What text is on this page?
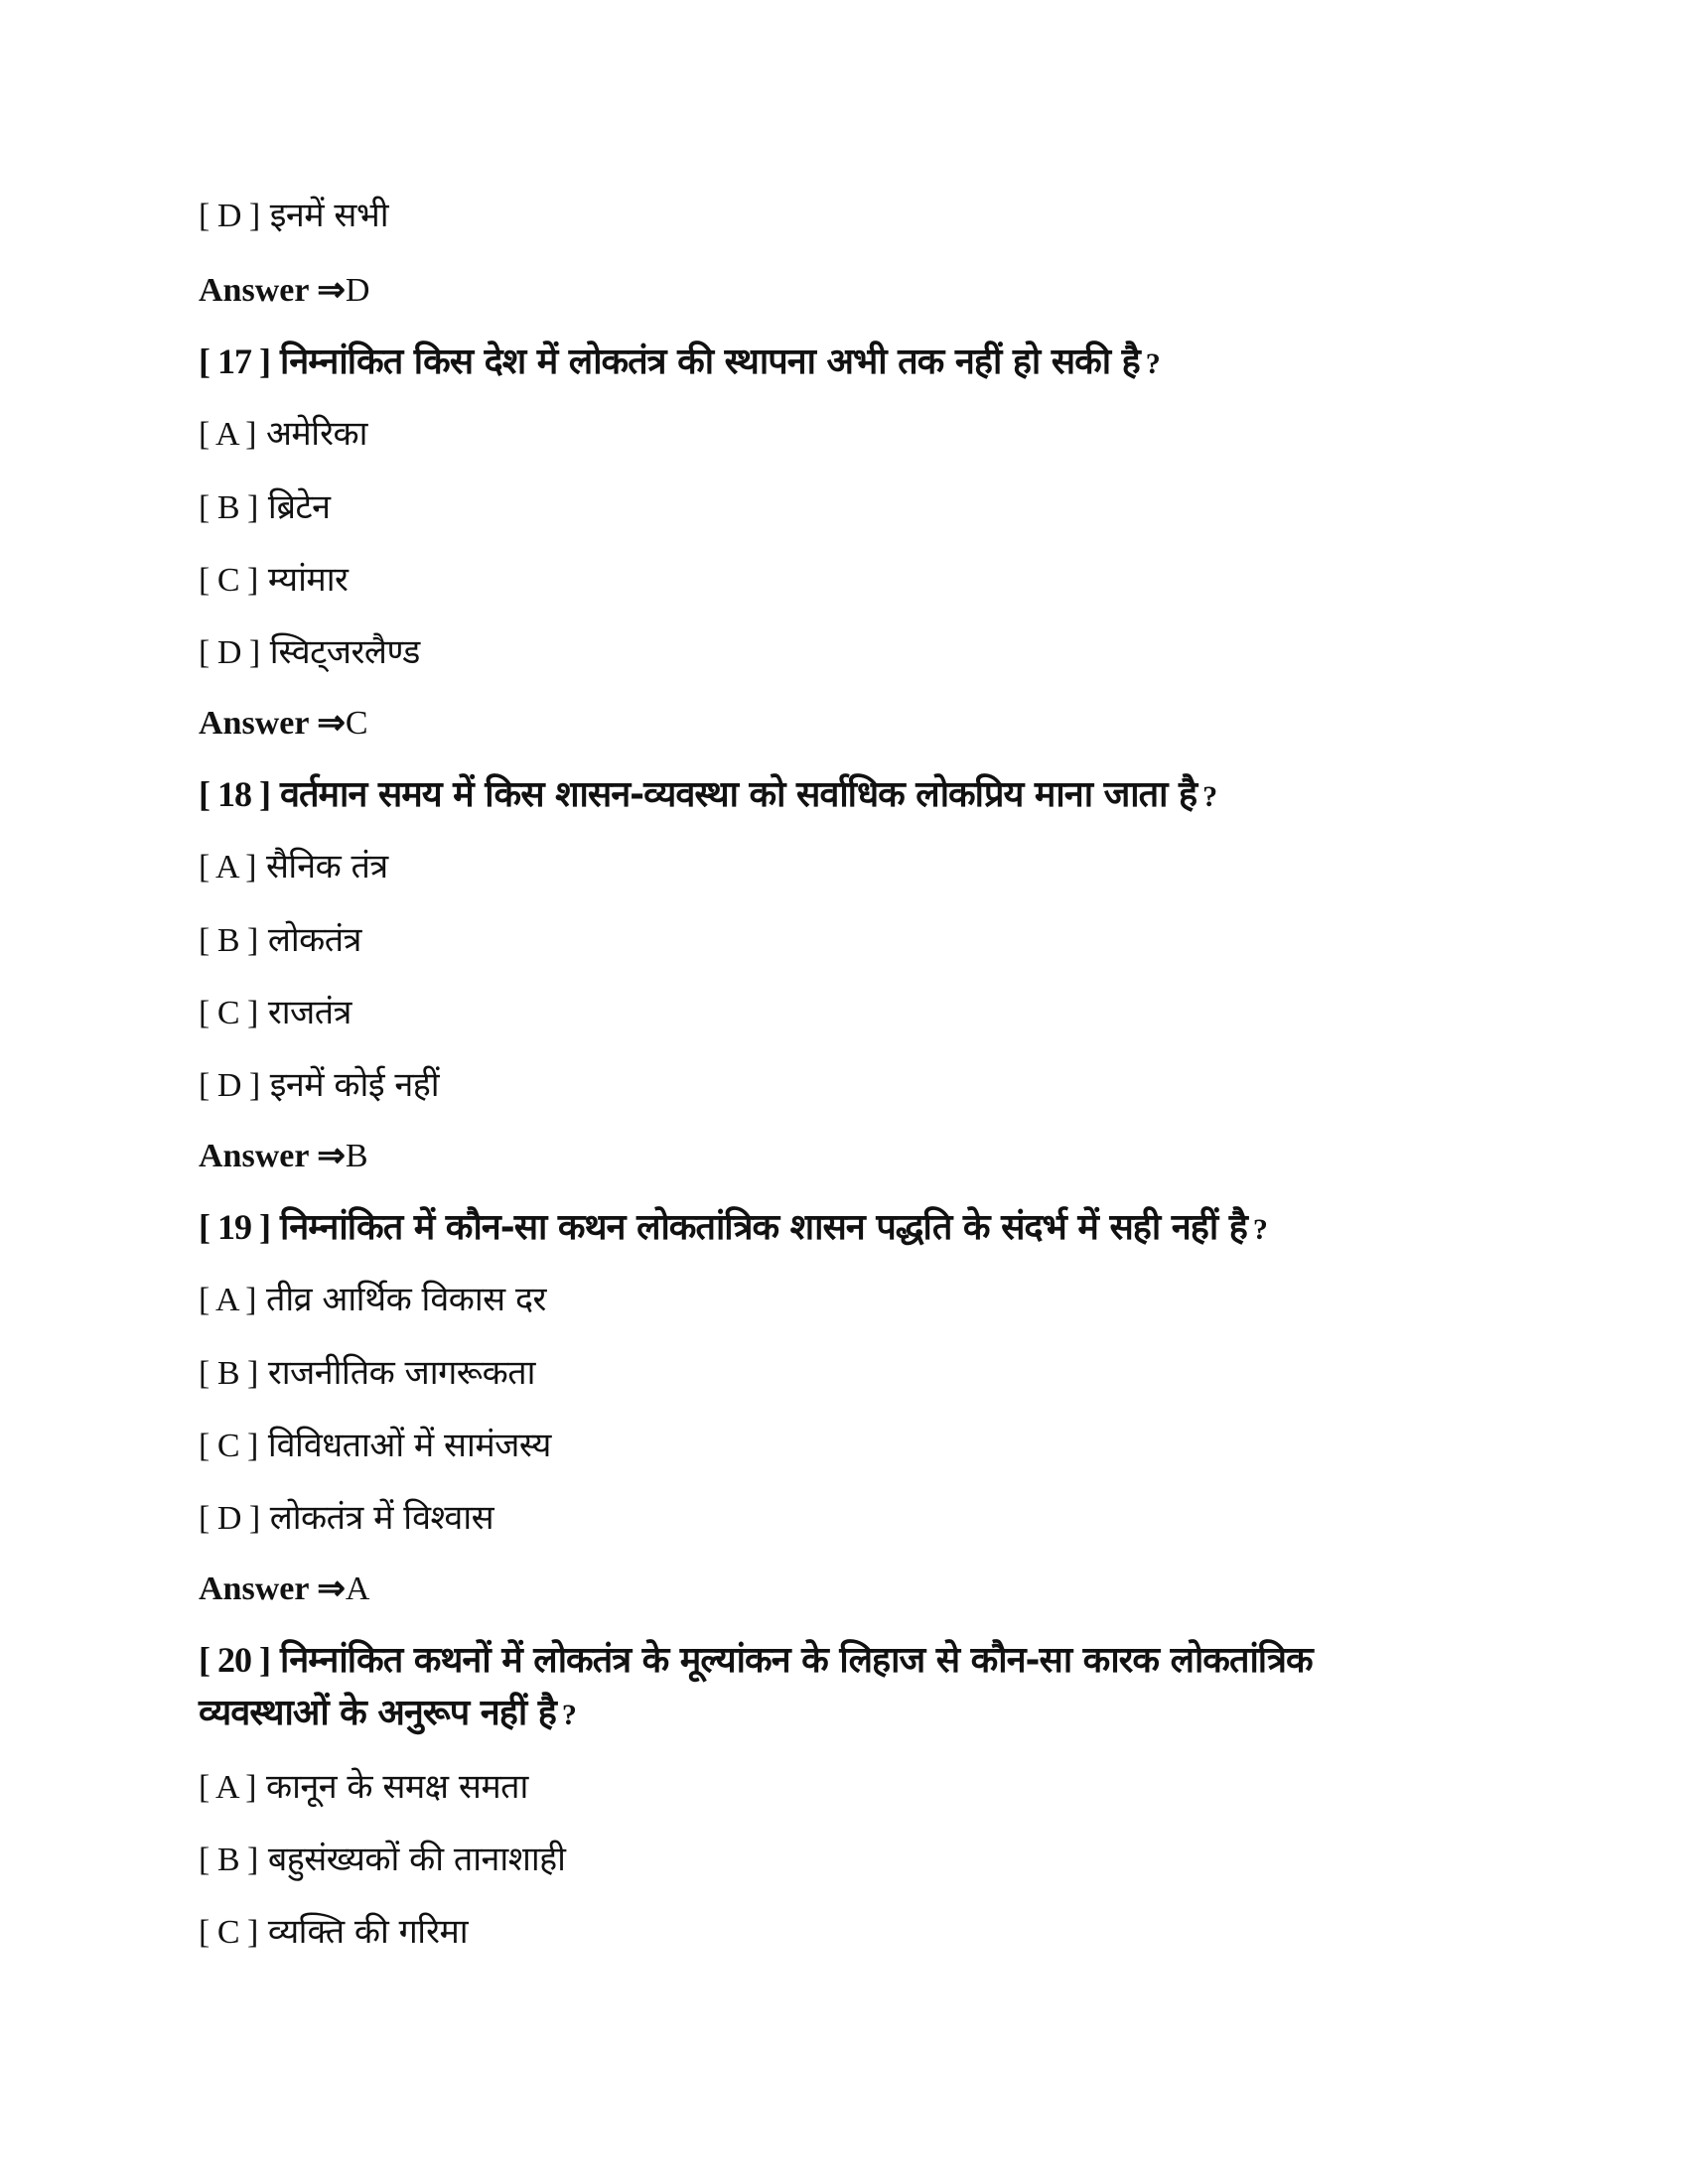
[ D ] इनमें सभी
Answer ⇒D
[ 17 ] निम्नांकित किस देश में लोकतंत्र की स्थापना अभी तक नहीं हो सकी है ?
[ A ] अमेरिका
[ B ] ब्रिटेन
[ C ] म्यांमार
[ D ] स्विट्जरलैण्ड
Answer ⇒C
[ 18 ] वर्तमान समय में किस शासन-व्यवस्था को सर्वाधिक लोकप्रिय माना जाता है ?
[ A ] सैनिक तंत्र
[ B ] लोकतंत्र
[ C ] राजतंत्र
[ D ] इनमें कोई नहीं
Answer ⇒B
[ 19 ] निम्नांकित में कौन-सा कथन लोकतांत्रिक शासन पद्धति के संदर्भ में सही नहीं है ?
[ A ] तीव्र आर्थिक विकास दर
[ B ] राजनीतिक जागरूकता
[ C ] विविधताओं में सामंजस्य
[ D ] लोकतंत्र में विश्वास
Answer ⇒A
[ 20 ] निम्नांकित कथनों में लोकतंत्र के मूल्यांकन के लिहाज से कौन-सा कारक लोकतांत्रिक
व्यवस्थाओं के अनुरूप नहीं है ?
[ A ] कानून के समक्ष समता
[ B ] बहुसंख्यकों की तानाशाही
[ C ] व्यक्ति की गरिमा
